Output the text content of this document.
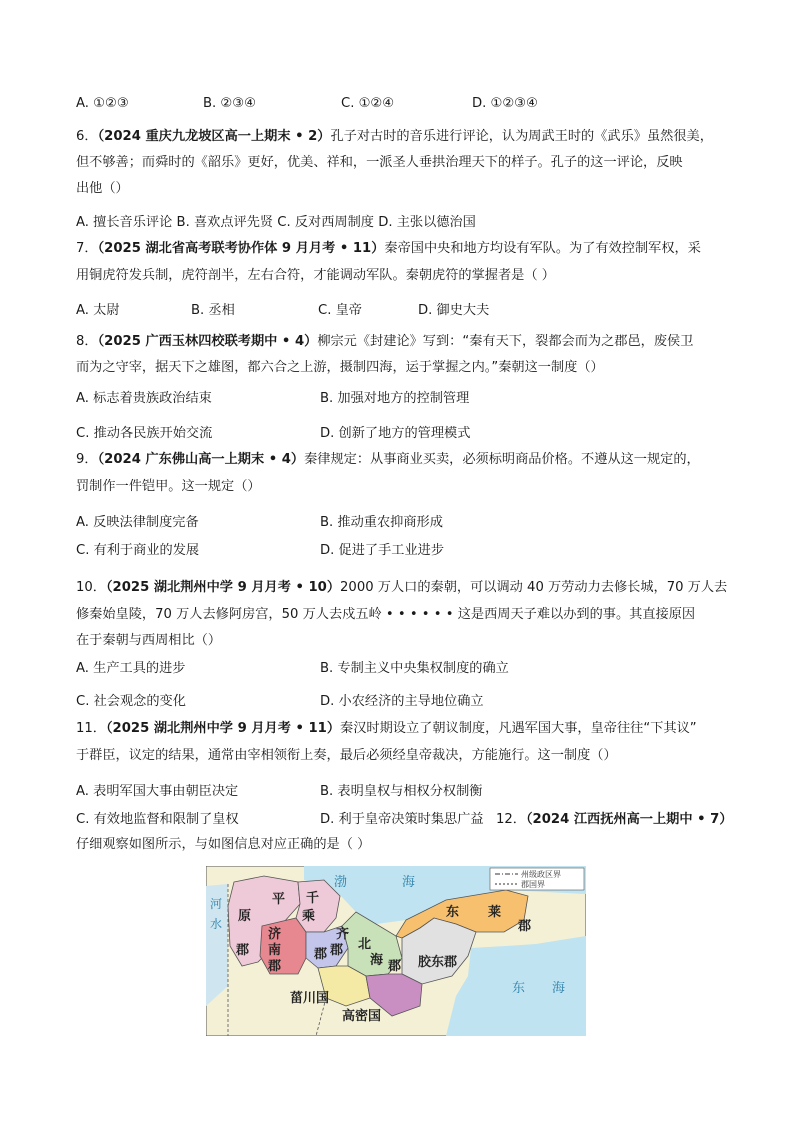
A. ①②③	B. ②③④	C. ①②④	D. ①②③④
6．（2024 重庆九龙坡区高一上期末 • 2）孔子对古时的音乐进行评论，认为周武王时的《武乐》虽然很美，
但不够善；而舜时的《韶乐》更好，优美、祥和，一派圣人垂拱治理天下的样子。孔子的这一评论，反映
出他（）
A. 擅长音乐评论 B. 喜欢点评先贤 C. 反对西周制度 D. 主张以德治国
7．（2025 湖北省高考联考协作体 9 月月考 • 11）秦帝国中央和地方均设有军队。为了有效控制军权，采
用铜虎符发兵制，虎符剖半，左右合符，才能调动军队。秦朝虎符的掌握者是（ ）
A. 太尉	B. 丞相	C. 皇帝	D. 御史大夫
8．（2025 广西玉林四校联考期中 • 4）柳宗元《封建论》写到：“秦有天下，裂都会而为之郡邑，废侯卫
而为之守宰，据天下之雄图，都六合之上游，摄制四海，运于掌握之内。”秦朝这一制度（）
A. 标志着贵族政治结束	B. 加强对地方的控制管理
C. 推动各民族开始交流	D. 创新了地方的管理模式
9．（2024 广东佛山高一上期末 • 4）秦律规定：从事商业买卖，必须标明商品价格。不遵从这一规定的，
罚制作一件铠甲。这一规定（）
A. 反映法律制度完备	B. 推动重农抑商形成
C. 有利于商业的发展	D. 促进了手工业进步
10．（2025 湖北荆州中学 9 月月考 • 10）2000 万人口的秦朝，可以调动 40 万劳动力去修长城，70 万人去
修秦始皇陵，70 万人去修阿房宫，50 万人去戍五岭 • • • • • • 这是西周天子难以办到的事。其直接原因
在于秦朝与西周相比（）
A. 生产工具的进步	B. 专制主义中央集权制度的确立
C. 社会观念的变化	D. 小农经济的主导地位确立
11．（2025 湖北荆州中学 9 月月考 • 11）秦汉时期设立了朝议制度，凡遇军国大事，皇帝往往“下其议”
于群臣，议定的结果，通常由宰相领衔上奏，最后必须经皇帝裁决，方能施行。这一制度（）
A. 表明军国大事由朝臣决定	B. 表明皇权与相权分权制衡
C. 有效地监督和限制了皇权	D. 利于皇帝决策时集思广益 12．（2024 江西抚州高一上期中 • 7）
仔细观察如图所示，与如图信息对应正确的是（ ）
州级政区界
郡国界
平
原
郡
千
乘
郡
济
南
郡
齐
郡 北
海 郡
东 莱
郡
胶东郡
菑川国
高密国
渤	海
东 海
河
水
